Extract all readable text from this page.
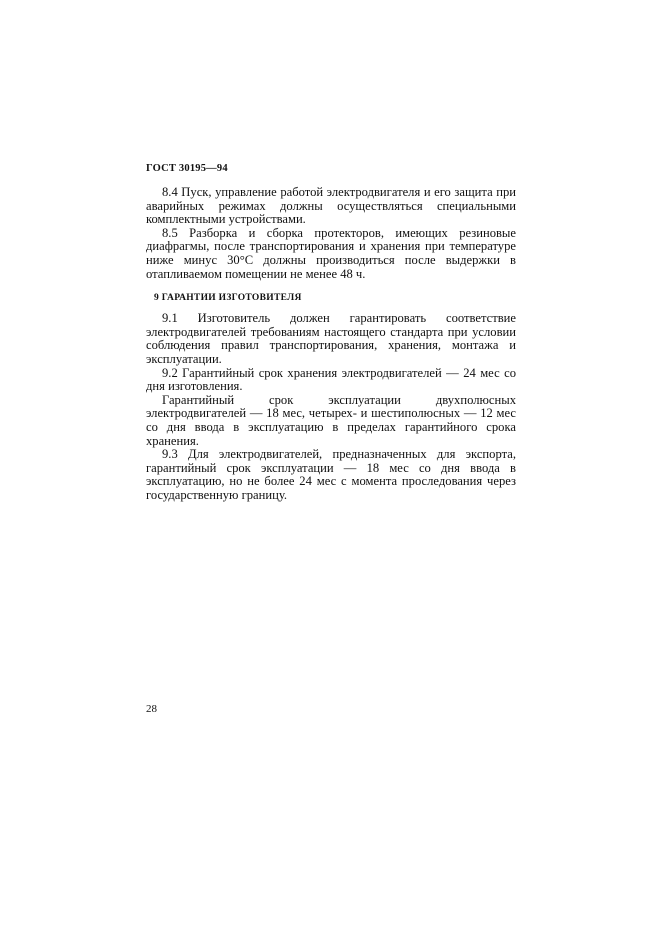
ГОСТ 30195—94

8.4 Пуск, управление работой электродвигателя и его защита при аварийных режимах должны осуществляться специальными комплектными устройствами.

8.5 Разборка и сборка протекторов, имеющих резиновые диафрагмы, после транспортирования и хранения при температуре ниже минус 30°С должны производиться после выдержки в отапливаемом помещении не менее 48 ч.

9 ГАРАНТИИ ИЗГОТОВИТЕЛЯ

9.1 Изготовитель должен гарантировать соответствие электродвигателей требованиям настоящего стандарта при условии соблюдения правил транспортирования, хранения, монтажа и эксплуатации.

9.2 Гарантийный срок хранения электродвигателей — 24 мес со дня изготовления.

Гарантийный срок эксплуатации двухполюсных электродвигателей — 18 мес, четырех- и шестиполюсных — 12 мес со дня ввода в эксплуатацию в пределах гарантийного срока хранения.

9.3 Для электродвигателей, предназначенных для экспорта, гарантийный срок эксплуатации — 18 мес со дня ввода в эксплуатацию, но не более 24 мес с момента проследования через государственную границу.

28
